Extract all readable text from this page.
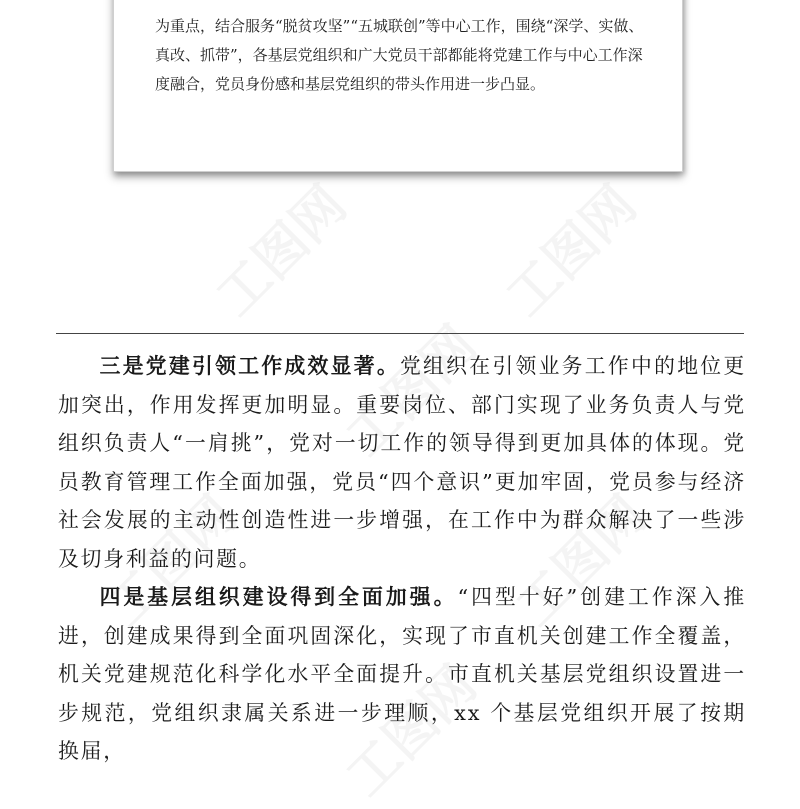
为重点，结合服务“脱贫攻坚”“五城联创”等中心工作，围绕“深学、实做、真改、抓带”，各基层党组织和广大党员干部都能将党建工作与中心工作深度融合，党员身份感和基层党组织的带头作用进一步凸显。

三是党建引领工作成效显著。党组织在引领业务工作中的地位更加突出，作用发挥更加明显。重要岗位、部门实现了业务负责人与党组织负责人“一肩挑”，党对一切工作的领导得到更加具体的体现。党员教育管理工作全面加强，党员“四个意识”更加牢固，党员参与经济社会发展的主动性创造性进一步增强，在工作中为群众解决了一些涉及切身利益的问题。

四是基层组织建设得到全面加强。“四型十好”创建工作深入推进，创建成果得到全面巩固深化，实现了市直机关创建工作全覆盖，机关党建规范化科学化水平全面提升。市直机关基层党组织设置进一步规范，党组织隶属关系进一步理顺，xx 个基层党组织开展了按期换届，
